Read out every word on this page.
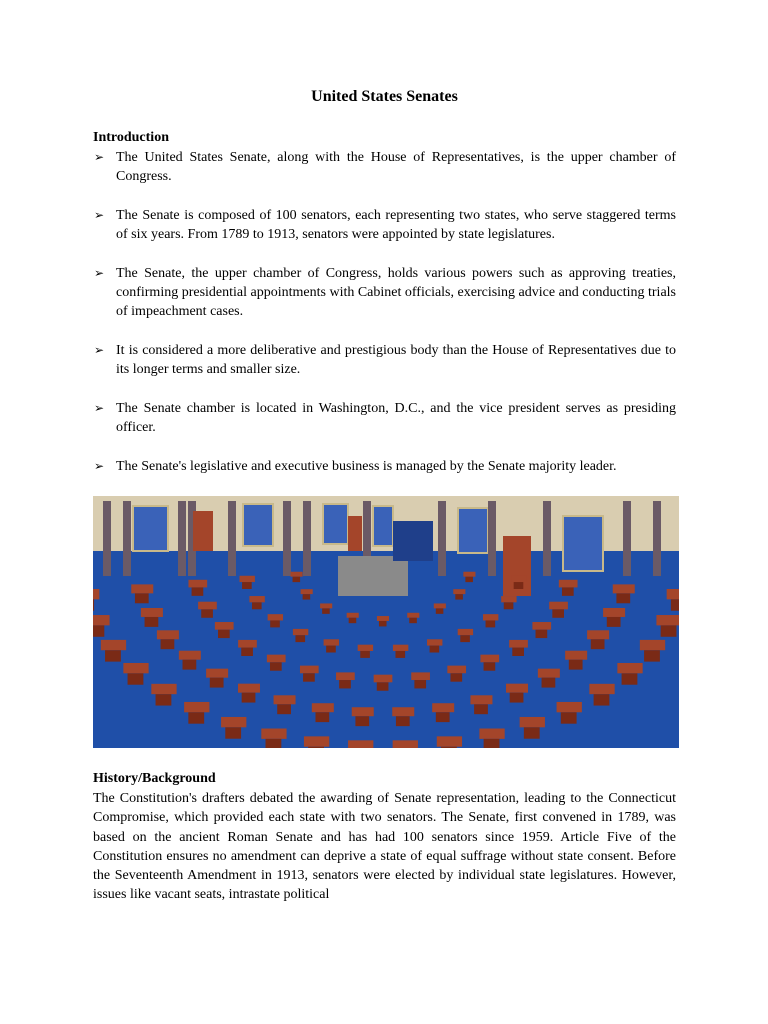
United States Senates
Introduction
➢ The United States Senate, along with the House of Representatives, is the upper chamber of Congress.
➢ The Senate is composed of 100 senators, each representing two states, who serve staggered terms of six years. From 1789 to 1913, senators were appointed by state legislatures.
➢ The Senate, the upper chamber of Congress, holds various powers such as approving treaties, confirming presidential appointments with Cabinet officials, exercising advice and conducting trials of impeachment cases.
➢ It is considered a more deliberative and prestigious body than the House of Representatives due to its longer terms and smaller size.
➢ The Senate chamber is located in Washington, D.C., and the vice president serves as presiding officer.
➢ The Senate's legislative and executive business is managed by the Senate majority leader.
History/Background

The Constitution's drafters debated the awarding of Senate representation, leading to the Connecticut Compromise, which provided each state with two senators. The Senate, first convened in 1789, was based on the ancient Roman Senate and has had 100 senators since 1959. Article Five of the Constitution ensures no amendment can deprive a state of equal suffrage without state consent. Before the Seventeenth Amendment in 1913, senators were elected by individual state legislatures. However, issues like vacant seats, intrastate political
